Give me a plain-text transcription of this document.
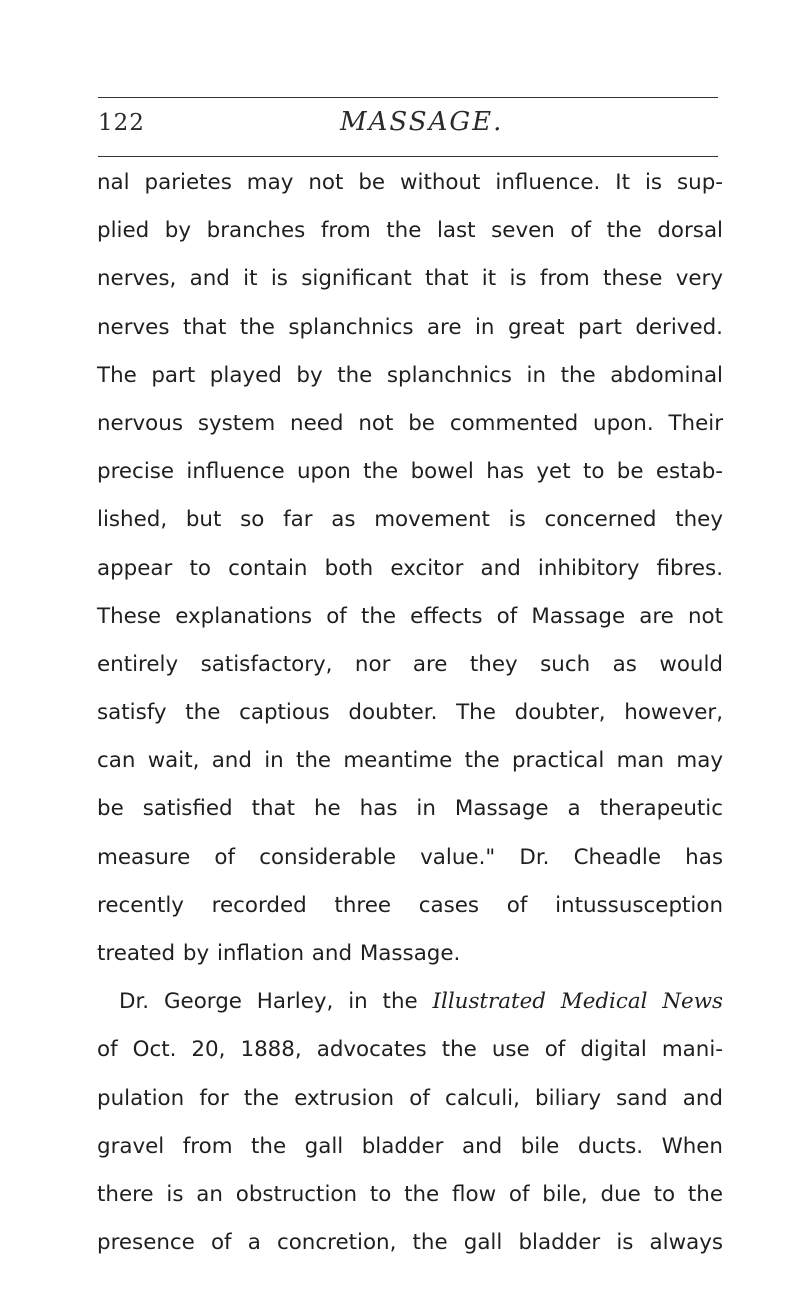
122	MASSAGE.
nal parietes may not be without influence. It is sup-
plied by branches from the last seven of the dorsal
nerves, and it is significant that it is from these very
nerves that the splanchnics are in great part derived.
The part played by the splanchnics in the abdominal
nervous system need not be commented upon. Their
precise influence upon the bowel has yet to be estab-
lished, but so far as movement is concerned they
appear to contain both excitor and inhibitory fibres.
These explanations of the effects of Massage are not
entirely satisfactory, nor are they such as would
satisfy the captious doubter. The doubter, however,
can wait, and in the meantime the practical man may
be satisfied that he has in Massage a therapeutic
measure of considerable value." Dr. Cheadle has
recently recorded three cases of intussusception
treated by inflation and Massage.
Dr. George Harley, in the Illustrated Medical News
of Oct. 20, 1888, advocates the use of digital mani-
pulation for the extrusion of calculi, biliary sand and
gravel from the gall bladder and bile ducts. When
there is an obstruction to the flow of bile, due to the
presence of a concretion, the gall bladder is always
